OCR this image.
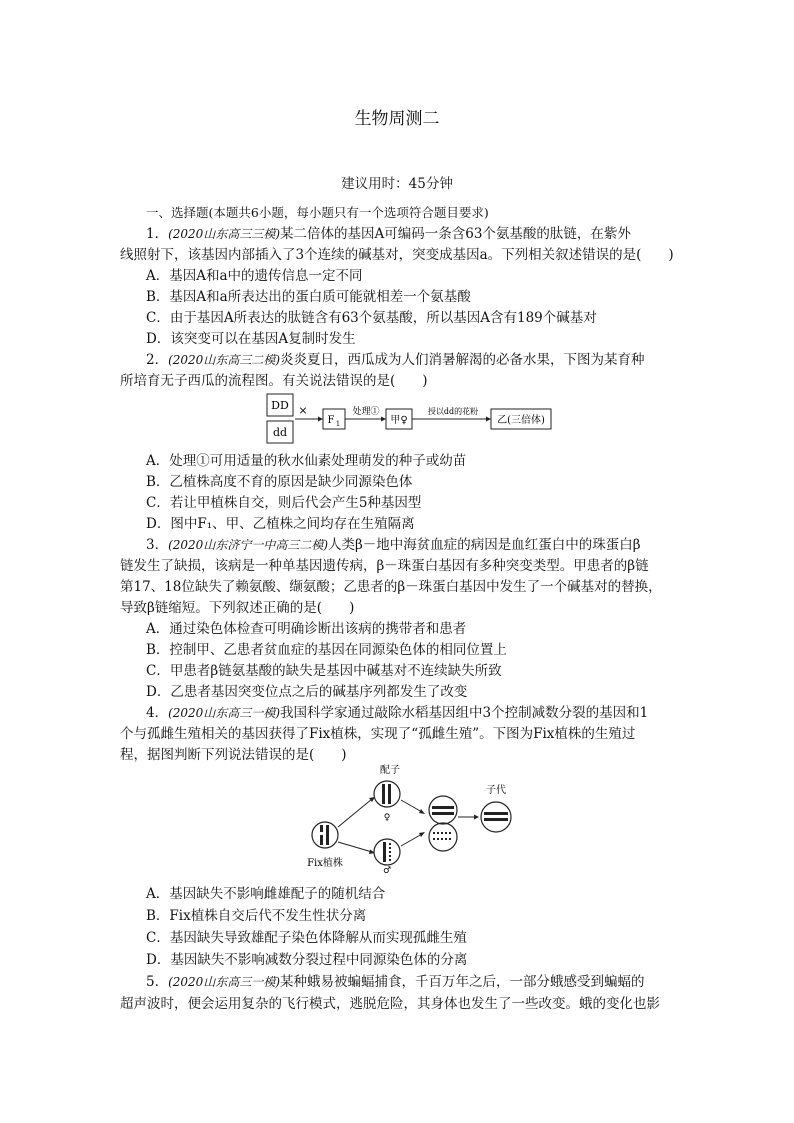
生物周测二
建议用时：45分钟
一、选择题(本题共6小题，每小题只有一个选项符合题目要求)
1．(2020山东高三三模)某二倍体的基因A可编码一条含63个氨基酸的肽链，在紫外
线照射下，该基因内部插入了3个连续的碱基对，突变成基因a。下列相关叙述错误的是(　　)
A．基因A和a中的遗传信息一定不同
B．基因A和a所表达出的蛋白质可能就相差一个氨基酸
C．由于基因A所表达的肽链含有63个氨基酸，所以基因A含有189个碱基对
D．该突变可以在基因A复制时发生
2．(2020山东高三二模)炎炎夏日，西瓜成为人们消暑解渴的必备水果，下图为某育种
所培育无子西瓜的流程图。有关说法错误的是(　　)
DD
dd
×
F 1
处理①
甲♀
授以dd的花粉
乙(三倍体)
A．处理①可用适量的秋水仙素处理萌发的种子或幼苗
B．乙植株高度不育的原因是缺少同源染色体
C．若让甲植株自交，则后代会产生5种基因型
D．图中F₁、甲、乙植株之间均存在生殖隔离
3．(2020山东济宁一中高三二模)人类β－地中海贫血症的病因是血红蛋白中的珠蛋白β
链发生了缺损，该病是一种单基因遗传病，β－珠蛋白基因有多种突变类型。甲患者的β链
第17、18位缺失了赖氨酸、缬氨酸；乙患者的β－珠蛋白基因中发生了一个碱基对的替换，
导致β链缩短。下列叙述正确的是(　　)
A．通过染色体检查可明确诊断出该病的携带者和患者
B．控制甲、乙患者贫血症的基因在同源染色体的相同位置上
C．甲患者β链氨基酸的缺失是基因中碱基对不连续缺失所致
D．乙患者基因突变位点之后的碱基序列都发生了改变
4．(2020山东高三一模)我国科学家通过敲除水稻基因组中3个控制减数分裂的基因和1
个与孤雌生殖相关的基因获得了Fix植株，实现了“孤雌生殖”。下图为Fix植株的生殖过
程，据图判断下列说法错误的是(　　)
配子
子代
Fix植株
♀
♂
A．基因缺失不影响雌雄配子的随机结合
B．Fix植株自交后代不发生性状分离
C．基因缺失导致雄配子染色体降解从而实现孤雌生殖
D．基因缺失不影响减数分裂过程中同源染色体的分离
5．(2020山东高三一模)某种蛾易被蝙蝠捕食，千百万年之后，一部分蛾感受到蝙蝠的
超声波时，便会运用复杂的飞行模式，逃脱危险，其身体也发生了一些改变。蛾的变化也影
